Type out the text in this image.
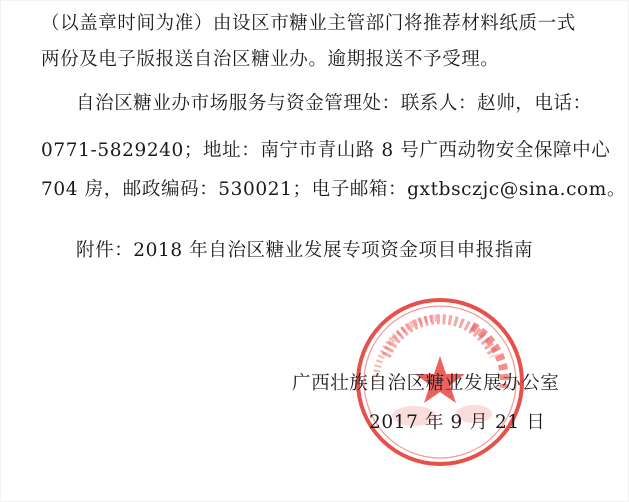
（以盖章时间为准）由设区市糖业主管部门将推荐材料纸质一式
两份及电子版报送自治区糖业办。逾期报送不予受理。
自治区糖业办市场服务与资金管理处：联系人：赵帅，电话：
0771-5829240；地址：南宁市青山路 8 号广西动物安全保障中心
704 房，邮政编码：530021；电子邮箱：gxtbsczjc@sina.com。
附件：2018 年自治区糖业发展专项资金项目申报指南
广西壮族自治区糖业发展办公室
2017 年 9 月 21 日
